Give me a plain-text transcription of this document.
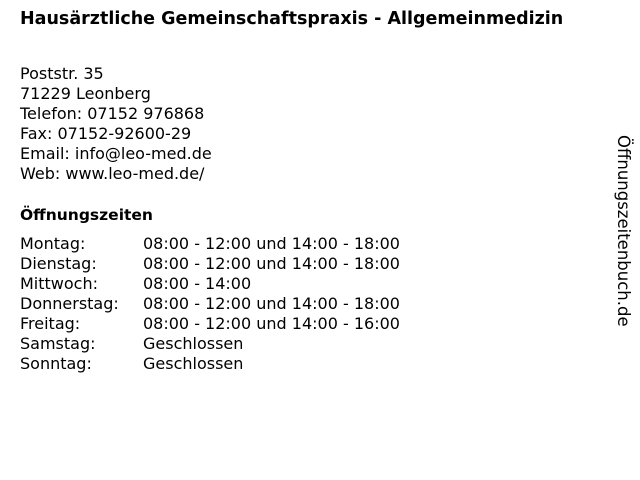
Hausärztliche Gemeinschaftspraxis - Allgemeinmedizin
Poststr. 35
71229 Leonberg
Telefon: 07152 976868
Fax: 07152-92600-29
Email: info@leo-med.de
Web: www.leo-med.de/
Öffnungszeiten
Montag:	08:00 - 12:00 und 14:00 - 18:00
Dienstag:	08:00 - 12:00 und 14:00 - 18:00
Mittwoch:	08:00 - 14:00
Donnerstag:	08:00 - 12:00 und 14:00 - 18:00
Freitag:	08:00 - 12:00 und 14:00 - 16:00
Samstag:	Geschlossen
Sonntag:	Geschlossen
Öffnungszeitenbuch.de
